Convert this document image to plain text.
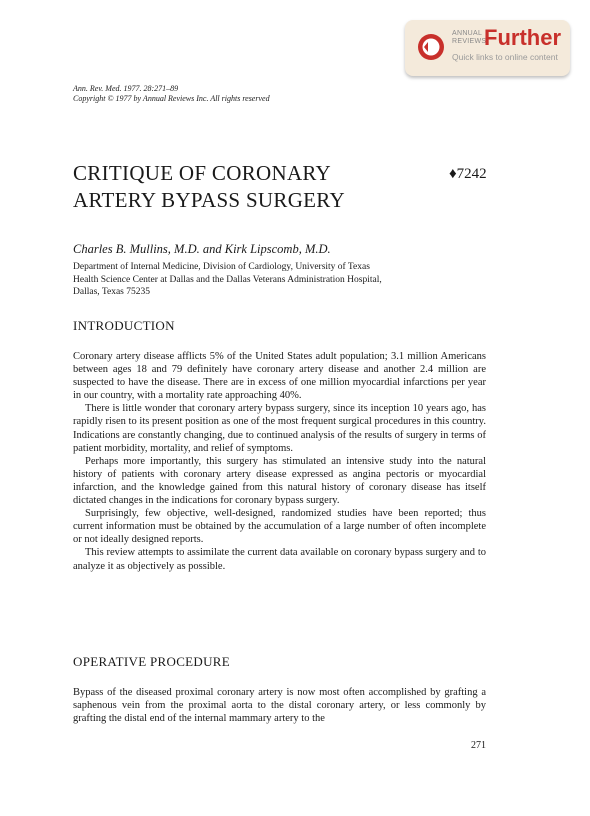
ANNUAL
REVIEWS
Further
Quick links to online content
Ann. Rev. Med. 1977. 28:271–89
Copyright © 1977 by Annual Reviews Inc. All rights reserved
CRITIQUE OF CORONARY
ARTERY BYPASS SURGERY
♦7242
Charles B. Mullins, M.D. and Kirk Lipscomb, M.D.
Department of Internal Medicine, Division of Cardiology, University of Texas
Health Science Center at Dallas and the Dallas Veterans Administration Hospital,
Dallas, Texas 75235
INTRODUCTION

Coronary artery disease afflicts 5% of the United States adult population; 3.1 million Americans between ages 18 and 79 definitely have coronary artery disease and another 2.4 million are suspected to have the disease. There are in excess of one million myocardial infarctions per year in our country, with a mortality rate approaching 40%.

There is little wonder that coronary artery bypass surgery, since its inception 10 years ago, has rapidly risen to its present position as one of the most frequent surgical procedures in this country. Indications are constantly changing, due to continued analysis of the results of surgery in terms of patient morbidity, mortality, and relief of symptoms.

Perhaps more importantly, this surgery has stimulated an intensive study into the natural history of patients with coronary artery disease expressed as angina pectoris or myocardial infarction, and the knowledge gained from this natural history of coronary disease has itself dictated changes in the indications for coronary bypass surgery.

Surprisingly, few objective, well-designed, randomized studies have been reported; thus current information must be obtained by the accumulation of a large number of often incomplete or not ideally designed reports.

This review attempts to assimilate the current data available on coronary bypass surgery and to analyze it as objectively as possible.

OPERATIVE PROCEDURE

Bypass of the diseased proximal coronary artery is now most often accomplished by grafting a saphenous vein from the proximal aorta to the distal coronary artery, or less commonly by grafting the distal end of the internal mammary artery to the

271
